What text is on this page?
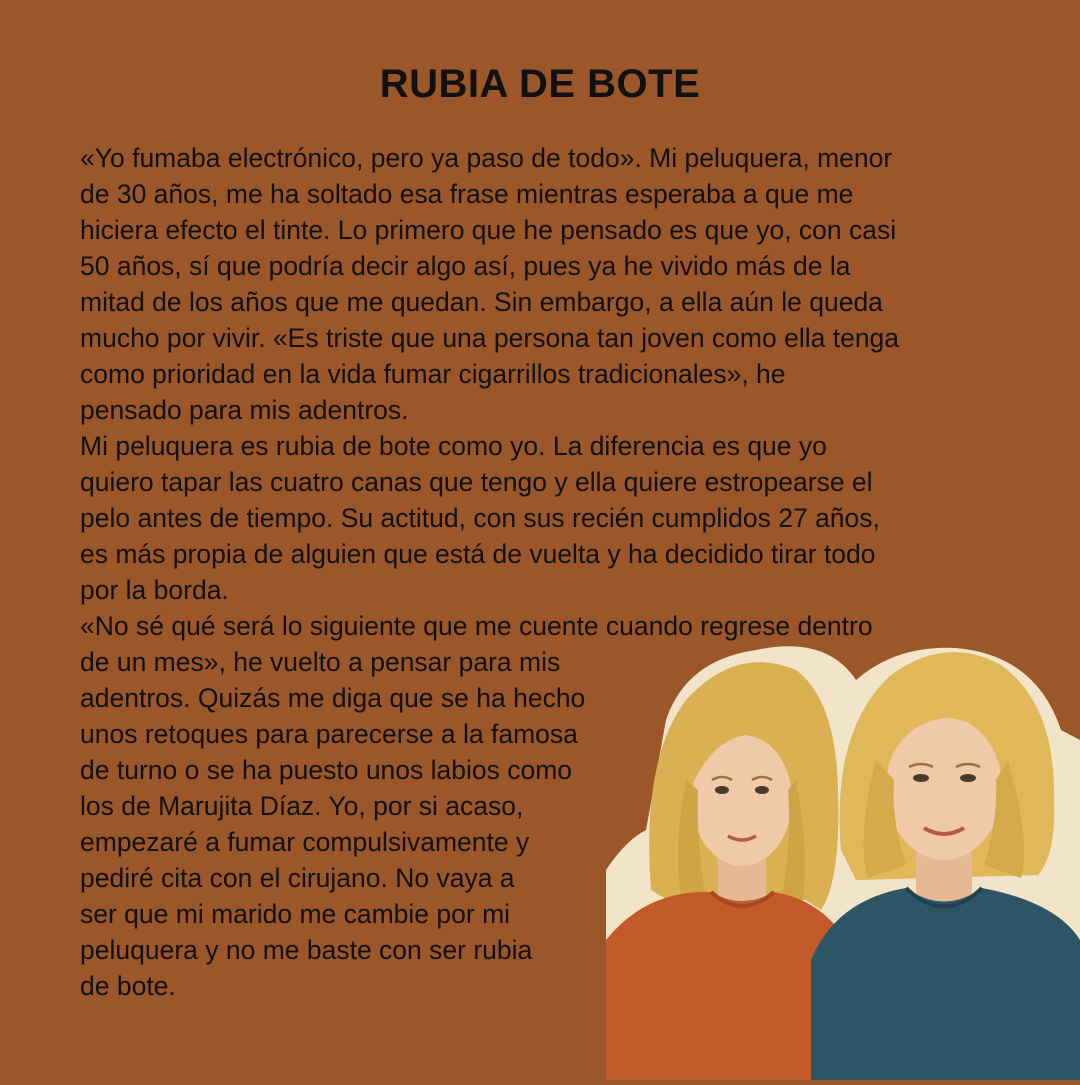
RUBIA DE BOTE

«Yo fumaba electrónico, pero ya paso de todo». Mi peluquera, menor
de 30 años, me ha soltado esa frase mientras esperaba a que me
hiciera efecto el tinte. Lo primero que he pensado es que yo, con casi
50 años, sí que podría decir algo así, pues ya he vivido más de la
mitad de los años que me quedan. Sin embargo, a ella aún le queda
mucho por vivir. «Es triste que una persona tan joven como ella tenga
como prioridad en la vida fumar cigarrillos tradicionales», he
pensado para mis adentros.

Mi peluquera es rubia de bote como yo. La diferencia es que yo
quiero tapar las cuatro canas que tengo y ella quiere estropearse el
pelo antes de tiempo. Su actitud, con sus recién cumplidos 27 años,
es más propia de alguien que está de vuelta y ha decidido tirar todo
por la borda.

«No sé qué será lo siguiente que me cuente cuando regrese dentro
de un mes», he vuelto a pensar para mis
adentros. Quizás me diga que se ha hecho
unos retoques para parecerse a la famosa
de turno o se ha puesto unos labios como
los de Marujita Díaz. Yo, por si acaso,
empezaré a fumar compulsivamente y
pediré cita con el cirujano. No vaya a
ser que mi marido me cambie por mi
peluquera y no me baste con ser rubia
de bote.
